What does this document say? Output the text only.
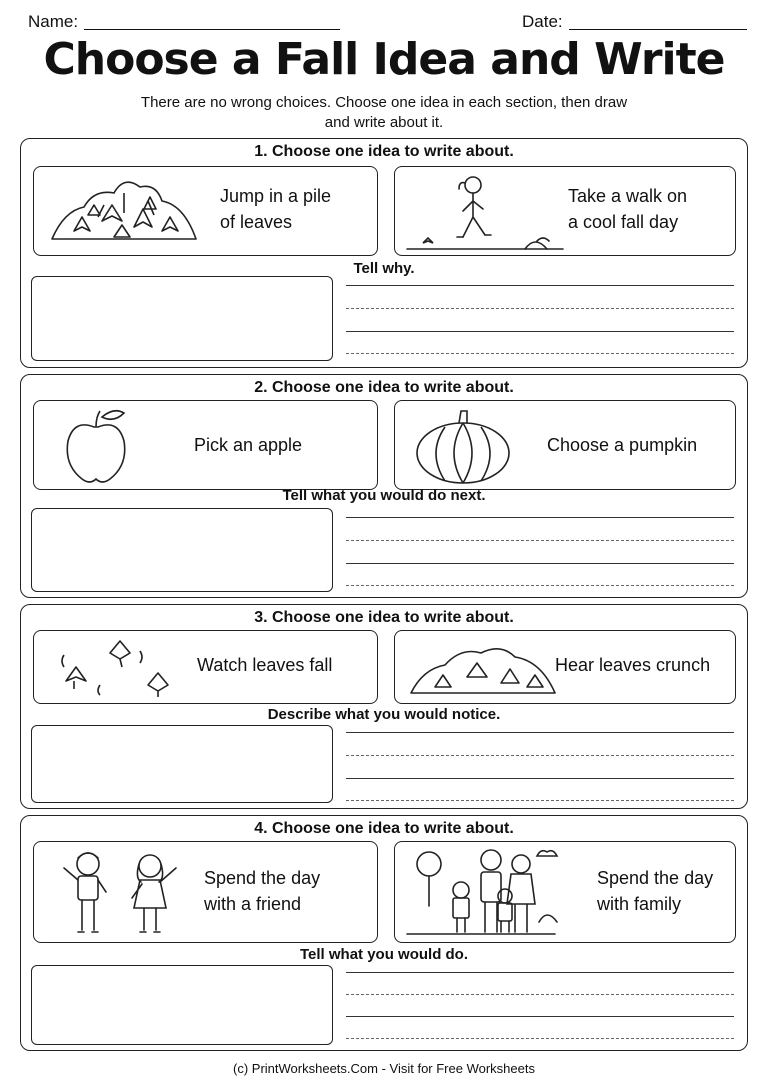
Name:	Date:
Choose a Fall Idea and Write
There are no wrong choices. Choose one idea in each section, then draw
and write about it.
1. Choose one idea to write about.
Jump in a pile
of leaves
Take a walk on
a cool fall day
Tell why.
2. Choose one idea to write about.
Pick an apple	Choose a pumpkin
Tell what you would do next.
3. Choose one idea to write about.
Watch leaves fall	Hear leaves crunch
Describe what you would notice.
4. Choose one idea to write about.
Spend the day
with a friend
Spend the day
with family
Tell what you would do.
(c) PrintWorksheets.Com - Visit for Free Worksheets
